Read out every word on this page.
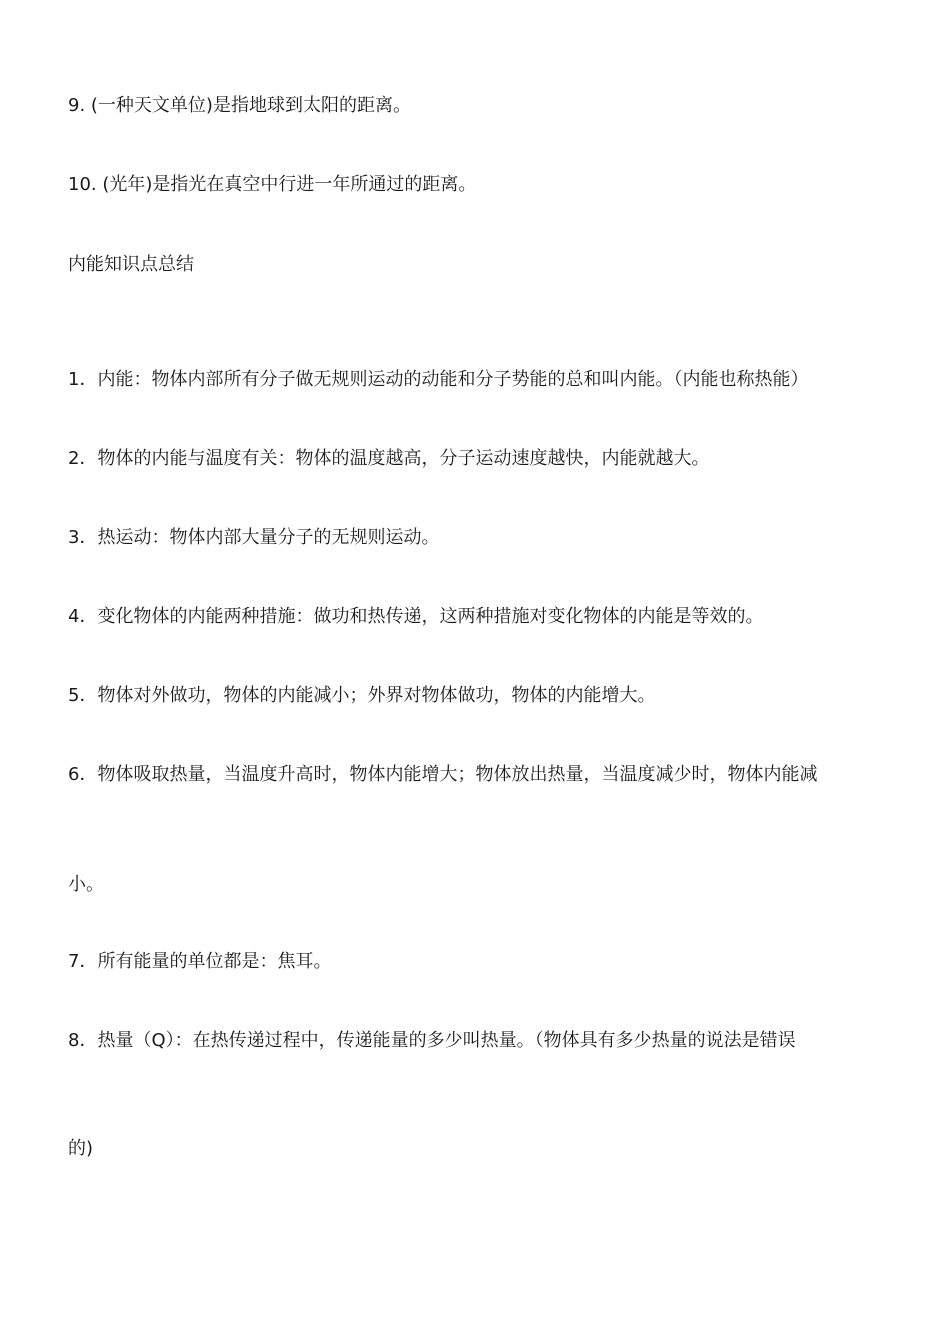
9. (一种天文单位)是指地球到太阳的距离。
10. (光年)是指光在真空中行进一年所通过的距离。
内能知识点总结
1．内能：物体内部所有分子做无规则运动的动能和分子势能的总和叫内能。（内能也称热能）
2．物体的内能与温度有关：物体的温度越高，分子运动速度越快，内能就越大。
3．热运动：物体内部大量分子的无规则运动。
4．变化物体的内能两种措施：做功和热传递，这两种措施对变化物体的内能是等效的。
5．物体对外做功，物体的内能减小；外界对物体做功，物体的内能增大。
6．物体吸取热量，当温度升高时，物体内能增大；物体放出热量，当温度减少时，物体内能减
小。
7．所有能量的单位都是：焦耳。
8．热量（Q）：在热传递过程中，传递能量的多少叫热量。（物体具有多少热量的说法是错误
的)
